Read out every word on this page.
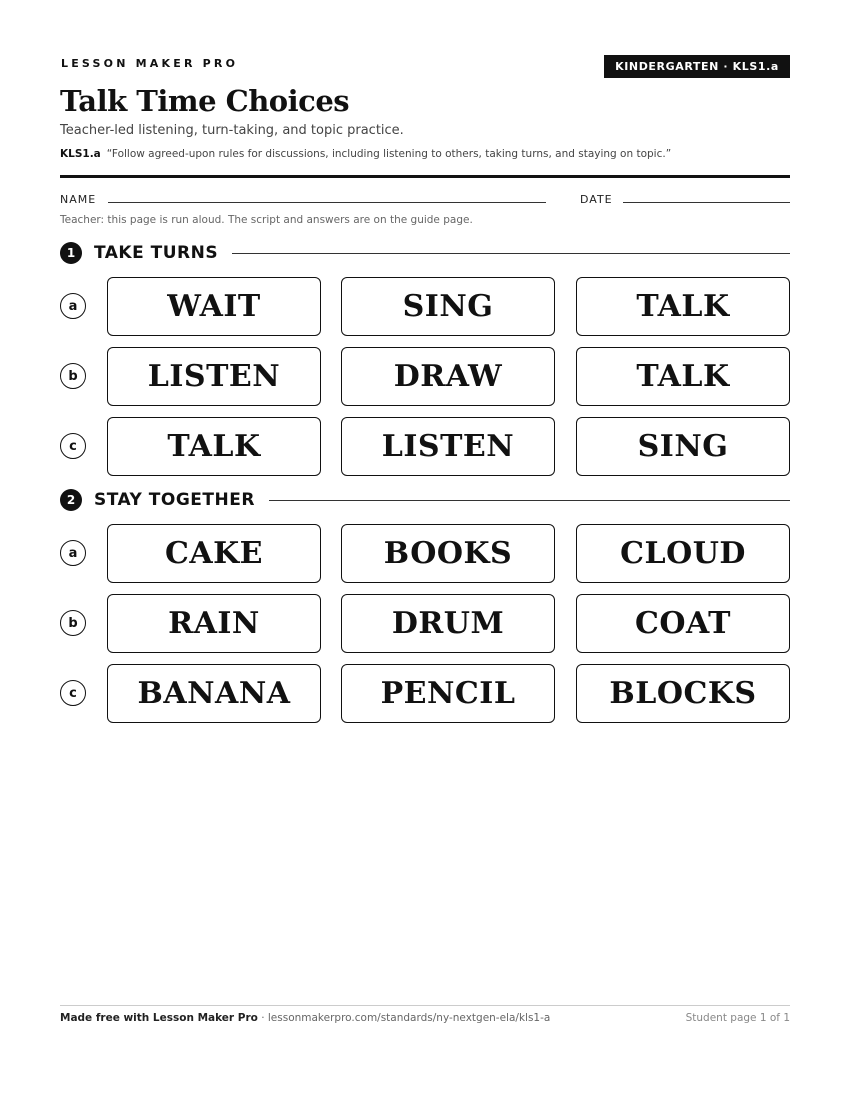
LESSON MAKER PRO	KINDERGARTEN · KLS1.a
Talk Time Choices
Teacher-led listening, turn-taking, and topic practice.
KLS1.a “Follow agreed-upon rules for discussions, including listening to others, taking turns, and staying on topic.”
NAME	DATE
Teacher: this page is run aloud. The script and answers are on the guide page.
1	TAKE TURNS
a	WAIT	SING	TALK
b	LISTEN	DRAW	TALK
c	TALK	LISTEN	SING
2	STAY TOGETHER
a	CAKE	BOOKS	CLOUD
b	RAIN	DRUM	COAT
c	BANANA	PENCIL	BLOCKS
Made free with Lesson Maker Pro · lessonmakerpro.com/standards/ny-nextgen-ela/kls1-a	Student page 1 of 1
